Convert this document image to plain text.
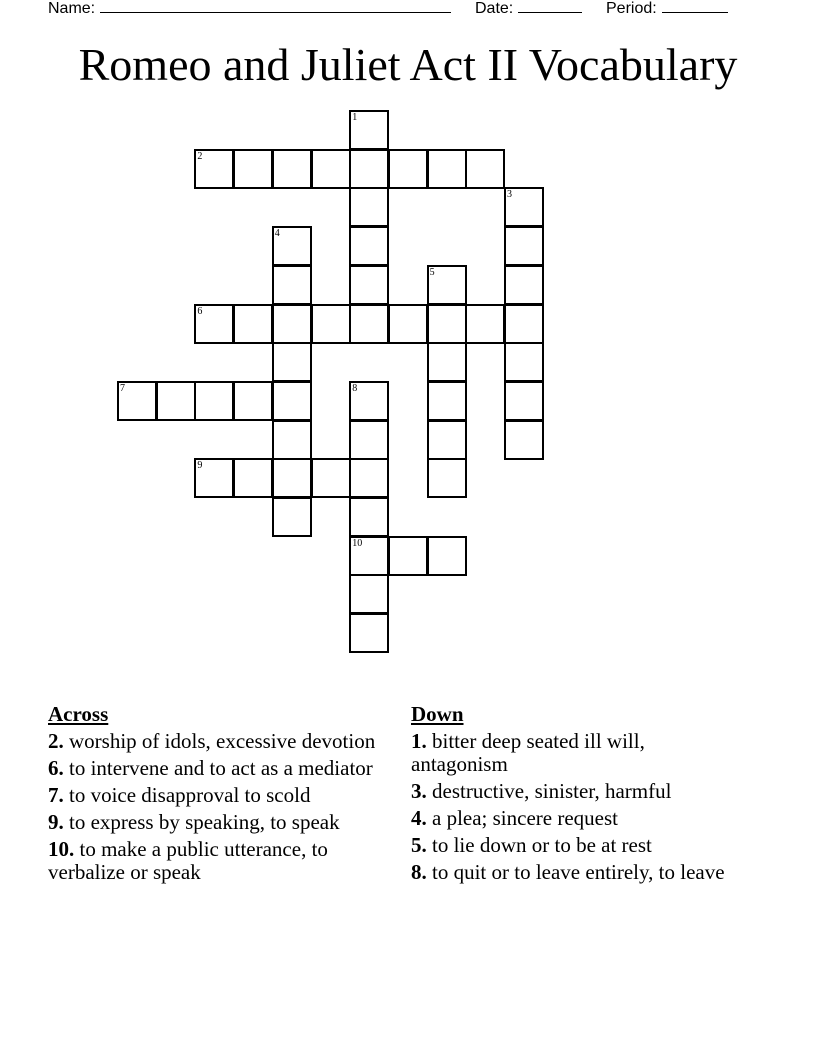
Name:	Date:	Period:
Romeo and Juliet Act II Vocabulary
1
2
3
4
5
6
7	8
10
9
Across
2. worship of idols, excessive devotion
6. to intervene and to act as a mediator
7. to voice disapproval to scold
9. to express by speaking, to speak
10. to make a public utterance, to verbalize or speak
Down
1. bitter deep seated ill will, antagonism
3. destructive, sinister, harmful
4. a plea; sincere request
5. to lie down or to be at rest
8. to quit or to leave entirely, to leave
